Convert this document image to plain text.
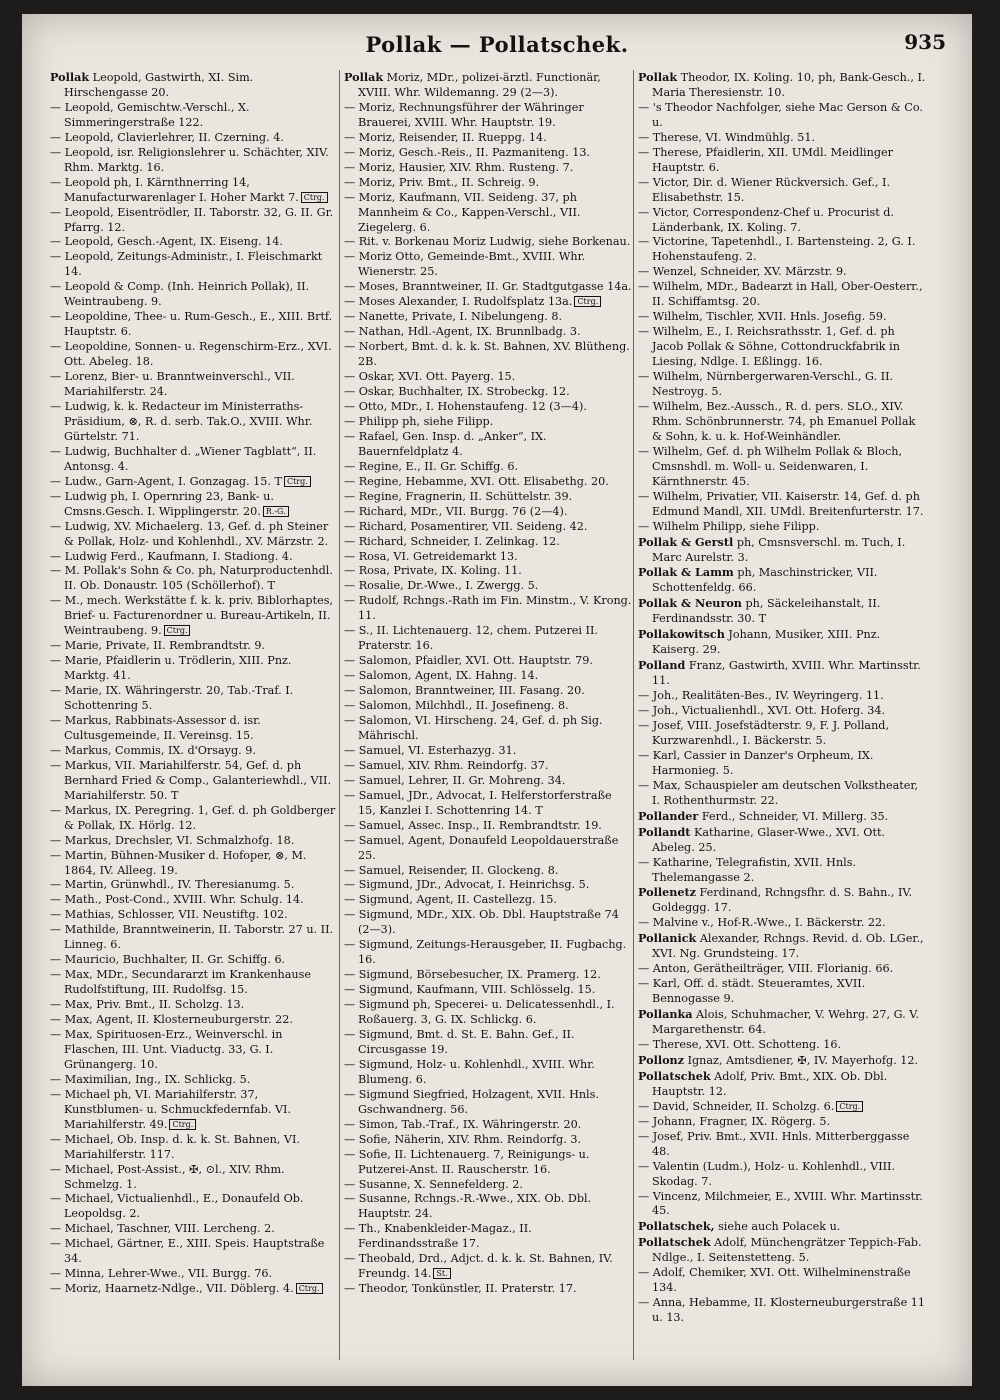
Pollak — Pollatschek.	935
Pollak Leopold, Gastwirth, XI. Sim. Hirschengasse 20.
— Leopold, Gemischtw.-Verschl., X. Simmeringerstraße 122.
— Leopold, Clavierlehrer, II. Czerning. 4.
— Leopold, isr. Religionslehrer u. Schächter, XIV. Rhm. Marktg. 16.
— Leopold ph, I. Kärnthnerring 14, Manufacturwarenlager I. Hoher Markt 7. Ctrg.
— Leopold, Eisentrödler, II. Taborstr. 32, G. II. Gr. Pfarrg. 12.
— Leopold, Gesch.-Agent, IX. Eiseng. 14.
— Leopold, Zeitungs-Administr., I. Fleischmarkt 14.
— Leopold & Comp. (Inh. Heinrich Pollak), II. Weintraubeng. 9.
— Leopoldine, Thee- u. Rum-Gesch., E., XIII. Brtf. Hauptstr. 6.
— Leopoldine, Sonnen- u. Regenschirm-Erz., XVI. Ott. Abeleg. 18.
— Lorenz, Bier- u. Branntweinverschl., VII. Mariahilferstr. 24.
— Ludwig, k. k. Redacteur im Ministerraths-Präsidium, ⊗, R. d. serb. Tak.O., XVIII. Whr. Gürtelstr. 71.
— Ludwig, Buchhalter d. „Wiener Tagblatt“, II. Antonsg. 4.
— Ludw., Garn-Agent, I. Gonzagag. 15. T Ctrg.
— Ludwig ph, I. Opernring 23, Bank- u. Cmsns.Gesch. I. Wipplingerstr. 20. R.-G.
— Ludwig, XV. Michaelerg. 13, Gef. d. ph Steiner & Pollak, Holz- und Kohlenhdl., XV. Märzstr. 2.
— Ludwig Ferd., Kaufmann, I. Stadiong. 4.
— M. Pollak's Sohn & Co. ph, Naturproductenhdl. II. Ob. Donaustr. 105 (Schöllerhof). T
— M., mech. Werkstätte f. k. k. priv. Biblorhaptes, Brief- u. Facturenordner u. Bureau-Artikeln, II. Weintraubeng. 9. Ctrg.
— Marie, Private, II. Rembrandtstr. 9.
— Marie, Pfaidlerin u. Trödlerin, XIII. Pnz. Marktg. 41.
— Marie, IX. Währingerstr. 20, Tab.-Traf. I. Schottenring 5.
— Markus, Rabbinats-Assessor d. isr. Cultusgemeinde, II. Vereinsg. 15.
— Markus, Commis, IX. d'Orsayg. 9.
— Markus, VII. Mariahilferstr. 54, Gef. d. ph Bernhard Fried & Comp., Galanteriewhdl., VII. Mariahilferstr. 50. T
— Markus, IX. Peregring. 1, Gef. d. ph Goldberger & Pollak, IX. Hörlg. 12.
— Markus, Drechsler, VI. Schmalzhofg. 18.
— Martin, Bühnen-Musiker d. Hofoper, ⊗, M. 1864, IV. Alleeg. 19.
— Martin, Grünwhdl., IV. Theresianumg. 5.
— Math., Post-Cond., XVIII. Whr. Schulg. 14.
— Mathias, Schlosser, VII. Neustiftg. 102.
— Mathilde, Branntweinerin, II. Taborstr. 27 u. II. Linneg. 6.
— Mauricio, Buchhalter, II. Gr. Schiffg. 6.
— Max, MDr., Secundararzt im Krankenhause Rudolfstiftung, III. Rudolfsg. 15.
— Max, Priv. Bmt., II. Scholzg. 13.
— Max, Agent, II. Klosterneuburgerstr. 22.
— Max, Spirituosen-Erz., Weinverschl. in Flaschen, III. Unt. Viaductg. 33, G. I. Grünangerg. 10.
— Maximilian, Ing., IX. Schlickg. 5.
— Michael ph, VI. Mariahilferstr. 37, Kunstblumen- u. Schmuckfedernfab. VI. Mariahilferstr. 49. Ctrg.
— Michael, Ob. Insp. d. k. k. St. Bahnen, VI. Mariahilferstr. 117.
— Michael, Post-Assist., ✠, ⊙l., XIV. Rhm. Schmelzg. 1.
— Michael, Victualienhdl., E., Donaufeld Ob. Leopoldsg. 2.
— Michael, Taschner, VIII. Lercheng. 2.
— Michael, Gärtner, E., XIII. Speis. Hauptstraße 34.
— Minna, Lehrer-Wwe., VII. Burgg. 76.
— Moriz, Haarnetz-Ndlge., VII. Döblerg. 4. Ctrg.
Pollak Moriz, MDr., polizei-ärztl. Functionär, XVIII. Whr. Wildemanng. 29 (2—3).
— Moriz, Rechnungsführer der Währinger Brauerei, XVIII. Whr. Hauptstr. 19.
— Moriz, Reisender, II. Rueppg. 14.
— Moriz, Gesch.-Reis., II. Pazmaniteng. 13.
— Moriz, Hausier, XIV. Rhm. Rusteng. 7.
— Moriz, Priv. Bmt., II. Schreig. 9.
— Moriz, Kaufmann, VII. Seideng. 37, ph Mannheim & Co., Kappen-Verschl., VII. Ziegelerg. 6.
— Rit. v. Borkenau Moriz Ludwig, siehe Borkenau.
— Moriz Otto, Gemeinde-Bmt., XVIII. Whr. Wienerstr. 25.
— Moses, Branntweiner, II. Gr. Stadtgutgasse 14a.
— Moses Alexander, I. Rudolfsplatz 13a. Ctrg.
— Nanette, Private, I. Nibelungeng. 8.
— Nathan, Hdl.-Agent, IX. Brunnlbadg. 3.
— Norbert, Bmt. d. k. k. St. Bahnen, XV. Blütheng. 2B.
— Oskar, XVI. Ott. Payerg. 15.
— Oskar, Buchhalter, IX. Strobeckg. 12.
— Otto, MDr., I. Hohenstaufeng. 12 (3—4).
— Philipp ph, siehe Filipp.
— Rafael, Gen. Insp. d. „Anker“, IX. Bauernfeldplatz 4.
— Regine, E., II. Gr. Schiffg. 6.
— Regine, Hebamme, XVI. Ott. Elisabethg. 20.
— Regine, Fragnerin, II. Schüttelstr. 39.
— Richard, MDr., VII. Burgg. 76 (2—4).
— Richard, Posamentirer, VII. Seideng. 42.
— Richard, Schneider, I. Zelinkag. 12.
— Rosa, VI. Getreidemarkt 13.
— Rosa, Private, IX. Koling. 11.
— Rosalie, Dr.-Wwe., I. Zwergg. 5.
— Rudolf, Rchngs.-Rath im Fin. Minstm., V. Krong. 11.
— S., II. Lichtenauerg. 12, chem. Putzerei II. Praterstr. 16.
— Salomon, Pfaidler, XVI. Ott. Hauptstr. 79.
— Salomon, Agent, IX. Hahng. 14.
— Salomon, Branntweiner, III. Fasang. 20.
— Salomon, Milchhdl., II. Josefineng. 8.
— Salomon, VI. Hirscheng. 24, Gef. d. ph Sig. Mährischl.
— Samuel, VI. Esterhazyg. 31.
— Samuel, XIV. Rhm. Reindorfg. 37.
— Samuel, Lehrer, II. Gr. Mohreng. 34.
— Samuel, JDr., Advocat, I. Helferstorferstraße 15, Kanzlei I. Schottenring 14. T
— Samuel, Assec. Insp., II. Rembrandtstr. 19.
— Samuel, Agent, Donaufeld Leopoldauerstraße 25.
— Samuel, Reisender, II. Glockeng. 8.
— Sigmund, JDr., Advocat, I. Heinrichsg. 5.
— Sigmund, Agent, II. Castellezg. 15.
— Sigmund, MDr., XIX. Ob. Dbl. Hauptstraße 74 (2—3).
— Sigmund, Zeitungs-Herausgeber, II. Fugbachg. 16.
— Sigmund, Börsebesucher, IX. Pramerg. 12.
— Sigmund, Kaufmann, VIII. Schlösselg. 15.
— Sigmund ph, Specerei- u. Delicatessenhdl., I. Roßauerg. 3, G. IX. Schlickg. 6.
— Sigmund, Bmt. d. St. E. Bahn. Gef., II. Circusgasse 19.
— Sigmund, Holz- u. Kohlenhdl., XVIII. Whr. Blumeng. 6.
— Sigmund Siegfried, Holzagent, XVII. Hnls. Gschwandnerg. 56.
— Simon, Tab.-Traf., IX. Währingerstr. 20.
— Sofie, Näherin, XIV. Rhm. Reindorfg. 3.
— Sofie, II. Lichtenauerg. 7, Reinigungs- u. Putzerei-Anst. II. Rauscherstr. 16.
— Susanne, X. Sennefelderg. 2.
— Susanne, Rchngs.-R.-Wwe., XIX. Ob. Dbl. Hauptstr. 24.
— Th., Knabenkleider-Magaz., II. Ferdinandsstraße 17.
— Theobald, Drd., Adjct. d. k. k. St. Bahnen, IV. Freundg. 14. St.
— Theodor, Tonkünstler, II. Praterstr. 17.
Pollak Theodor, IX. Koling. 10, ph, Bank-Gesch., I. Maria Theresienstr. 10.
— 's Theodor Nachfolger, siehe Mac Gerson & Co. u.
— Therese, VI. Windmühlg. 51.
— Therese, Pfaidlerin, XII. UMdl. Meidlinger Hauptstr. 6.
— Victor, Dir. d. Wiener Rückversich. Gef., I. Elisabethstr. 15.
— Victor, Correspondenz-Chef u. Procurist d. Länderbank, IX. Koling. 7.
— Victorine, Tapetenhdl., I. Bartensteing. 2, G. I. Hohenstaufeng. 2.
— Wenzel, Schneider, XV. Märzstr. 9.
— Wilhelm, MDr., Badearzt in Hall, Ober-Oesterr., II. Schiffamtsg. 20.
— Wilhelm, Tischler, XVII. Hnls. Josefig. 59.
— Wilhelm, E., I. Reichsrathsstr. 1, Gef. d. ph Jacob Pollak & Söhne, Cottondruckfabrik in Liesing, Ndlge. I. Eßlingg. 16.
— Wilhelm, Nürnbergerwaren-Verschl., G. II. Nestroyg. 5.
— Wilhelm, Bez.-Aussch., R. d. pers. SLO., XIV. Rhm. Schönbrunnerstr. 74, ph Emanuel Pollak & Sohn, k. u. k. Hof-Weinhändler.
— Wilhelm, Gef. d. ph Wilhelm Pollak & Bloch, Cmsnshdl. m. Woll- u. Seidenwaren, I. Kärnthnerstr. 45.
— Wilhelm, Privatier, VII. Kaiserstr. 14, Gef. d. ph Edmund Mandl, XII. UMdl. Breitenfurterstr. 17.
— Wilhelm Philipp, siehe Filipp.
Pollak & Gerstl ph, Cmsnsverschl. m. Tuch, I. Marc Aurelstr. 3.
Pollak & Lamm ph, Maschinstricker, VII. Schottenfeldg. 66.
Pollak & Neuron ph, Säckeleihanstalt, II. Ferdinandsstr. 30. T
Pollakowitsch Johann, Musiker, XIII. Pnz. Kaiserg. 29.
Polland Franz, Gastwirth, XVIII. Whr. Martinsstr. 11.
— Joh., Realitäten-Bes., IV. Weyringerg. 11.
— Joh., Victualienhdl., XVI. Ott. Hoferg. 34.
— Josef, VIII. Josefstädterstr. 9, F. J. Polland, Kurzwarenhdl., I. Bäckerstr. 5.
— Karl, Cassier in Danzer's Orpheum, IX. Harmonieg. 5.
— Max, Schauspieler am deutschen Volkstheater, I. Rothenthurmstr. 22.
Pollander Ferd., Schneider, VI. Millerg. 35.
Pollandt Katharine, Glaser-Wwe., XVI. Ott. Abeleg. 25.
— Katharine, Telegrafistin, XVII. Hnls. Thelemangasse 2.
Pollenetz Ferdinand, Rchngsfhr. d. S. Bahn., IV. Goldeggg. 17.
— Malvine v., Hof-R.-Wwe., I. Bäckerstr. 22.
Pollanick Alexander, Rchngs. Revid. d. Ob. LGer., XVI. Ng. Grundsteing. 17.
— Anton, Gerätheilträger, VIII. Florianig. 66.
— Karl, Off. d. städt. Steueramtes, XVII. Bennogasse 9.
Pollanka Alois, Schuhmacher, V. Wehrg. 27, G. V. Margarethenstr. 64.
— Therese, XVI. Ott. Schotteng. 16.
Pollonz Ignaz, Amtsdiener, ✠, IV. Mayerhofg. 12.
Pollatschek Adolf, Priv. Bmt., XIX. Ob. Dbl. Hauptstr. 12.
— David, Schneider, II. Scholzg. 6. Ctrg.
— Johann, Fragner, IX. Rögerg. 5.
— Josef, Priv. Bmt., XVII. Hnls. Mitterberggasse 48.
— Valentin (Ludm.), Holz- u. Kohlenhdl., VIII. Skodag. 7.
— Vincenz, Milchmeier, E., XVIII. Whr. Martinsstr. 45.
Pollatschek, siehe auch Polacek u.
Pollatschek Adolf, Münchengrätzer Teppich-Fab. Ndlge., I. Seitenstetteng. 5.
— Adolf, Chemiker, XVI. Ott. Wilhelminenstraße 134.
— Anna, Hebamme, II. Klosterneuburgerstraße 11 u. 13.
